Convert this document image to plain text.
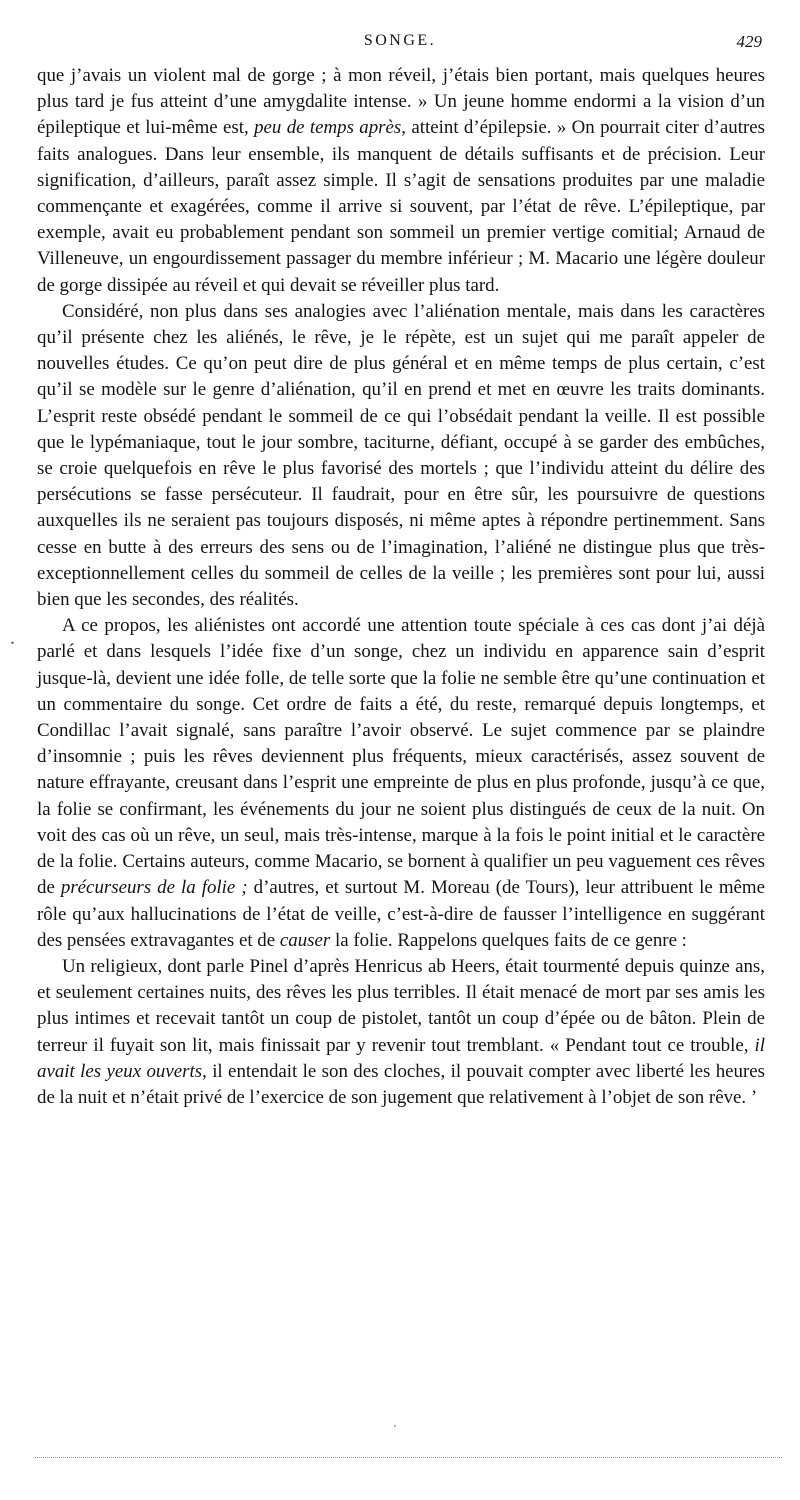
SONGE.	429

que j’avais un violent mal de gorge ; à mon réveil, j’étais bien portant, mais quelques heures plus tard je fus atteint d’une amygdalite intense. » Un jeune homme endormi a la vision d’un épileptique et lui-même est, peu de temps après, atteint d’épilepsie. » On pourrait citer d’autres faits analogues. Dans leur ensemble, ils manquent de détails suffisants et de précision. Leur signification, d’ailleurs, paraît assez simple. Il s’agit de sensations produites par une maladie commençante et exagérées, comme il arrive si souvent, par l’état de rêve. L’épileptique, par exemple, avait eu probablement pendant son sommeil un premier vertige comitial; Arnaud de Villeneuve, un engourdissement passager du membre inférieur ; M. Macario une légère douleur de gorge dissipée au réveil et qui devait se réveiller plus tard.

Considéré, non plus dans ses analogies avec l’aliénation mentale, mais dans les caractères qu’il présente chez les aliénés, le rêve, je le répète, est un sujet qui me paraît appeler de nouvelles études. Ce qu’on peut dire de plus général et en même temps de plus certain, c’est qu’il se modèle sur le genre d’aliénation, qu’il en prend et met en œuvre les traits dominants. L’esprit reste obsédé pendant le sommeil de ce qui l’obsédait pendant la veille. Il est possible que le lypémaniaque, tout le jour sombre, taciturne, défiant, occupé à se garder des embûches, se croie quelquefois en rêve le plus favorisé des mortels ; que l’individu atteint du délire des persécutions se fasse persécuteur. Il faudrait, pour en être sûr, les poursuivre de questions auxquelles ils ne seraient pas toujours disposés, ni même aptes à répondre pertinemment. Sans cesse en butte à des erreurs des sens ou de l’imagination, l’aliéné ne distingue plus que très-exceptionnellement celles du sommeil de celles de la veille ; les premières sont pour lui, aussi bien que les secondes, des réalités.

A ce propos, les aliénistes ont accordé une attention toute spéciale à ces cas dont j’ai déjà parlé et dans lesquels l’idée fixe d’un songe, chez un individu en apparence sain d’esprit jusque-là, devient une idée folle, de telle sorte que la folie ne semble être qu’une continuation et un commentaire du songe. Cet ordre de faits a été, du reste, remarqué depuis longtemps, et Condillac l’avait signalé, sans paraître l’avoir observé. Le sujet commence par se plaindre d’insomnie ; puis les rêves deviennent plus fréquents, mieux caractérisés, assez souvent de nature effrayante, creusant dans l’esprit une empreinte de plus en plus profonde, jusqu’à ce que, la folie se confirmant, les événements du jour ne soient plus distingués de ceux de la nuit. On voit des cas où un rêve, un seul, mais très-intense, marque à la fois le point initial et le caractère de la folie. Certains auteurs, comme Macario, se bornent à qualifier un peu vaguement ces rêves de précurseurs de la folie ; d’autres, et surtout M. Moreau (de Tours), leur attribuent le même rôle qu’aux hallucinations de l’état de veille, c’est-à-dire de fausser l’intelligence en suggérant des pensées extravagantes et de causer la folie. Rappelons quelques faits de ce genre :

Un religieux, dont parle Pinel d’après Henricus ab Heers, était tourmenté depuis quinze ans, et seulement certaines nuits, des rêves les plus terribles. Il était menacé de mort par ses amis les plus intimes et recevait tantôt un coup de pistolet, tantôt un coup d’épée ou de bâton. Plein de terreur il fuyait son lit, mais finissait par y revenir tout tremblant. « Pendant tout ce trouble, il avait les yeux ouverts, il entendait le son des cloches, il pouvait compter avec liberté les heures de la nuit et n’était privé de l’exercice de son jugement que relativement à l’objet de son rêve. ’

.
’
